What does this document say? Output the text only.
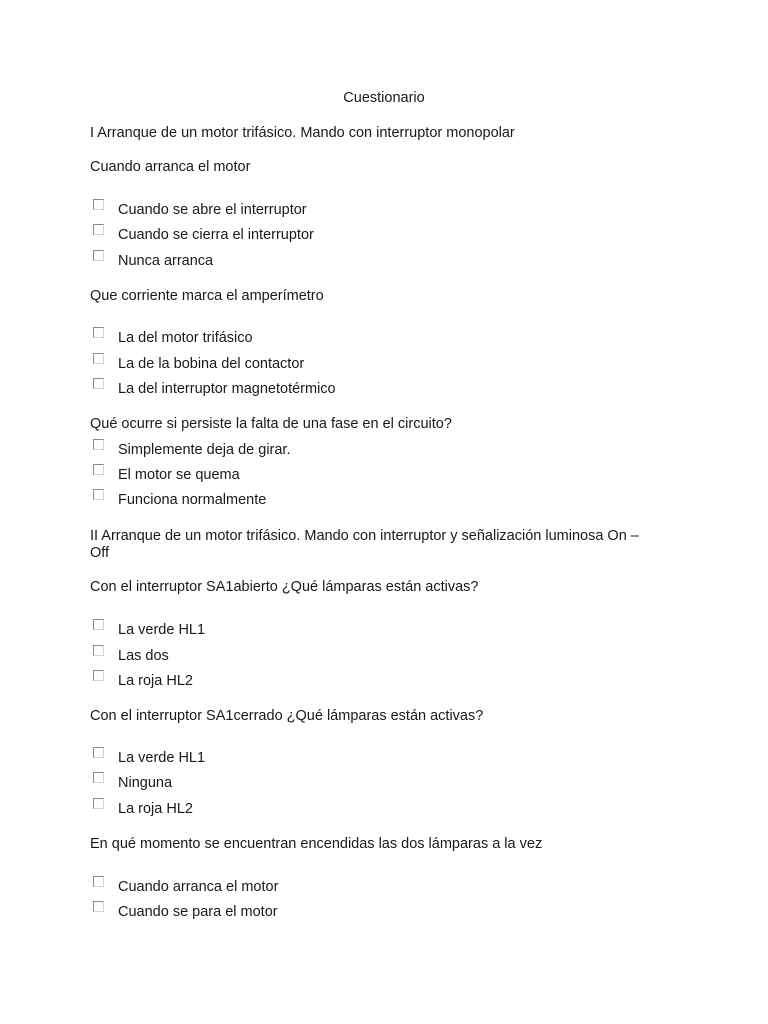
Cuestionario
I Arranque de un motor trifásico. Mando con interruptor monopolar
Cuando arranca el motor
Cuando se abre el interruptor
Cuando se cierra el interruptor
Nunca arranca
Que corriente marca el amperímetro
La del motor trifásico
La de la bobina del contactor
La del interruptor magnetotérmico
Qué ocurre si persiste la falta de una fase en el circuito?
Simplemente deja de girar.
El motor se quema
Funciona normalmente
II Arranque de un motor trifásico. Mando con interruptor y señalización luminosa On –
Off
Con el interruptor SA1abierto ¿Qué lámparas están activas?
La verde HL1
Las dos
La roja HL2
Con el interruptor SA1cerrado ¿Qué lámparas están activas?
La verde HL1
Ninguna
La roja HL2
En qué momento se encuentran encendidas las dos lámparas a la vez
Cuando arranca el motor
Cuando se para el motor
